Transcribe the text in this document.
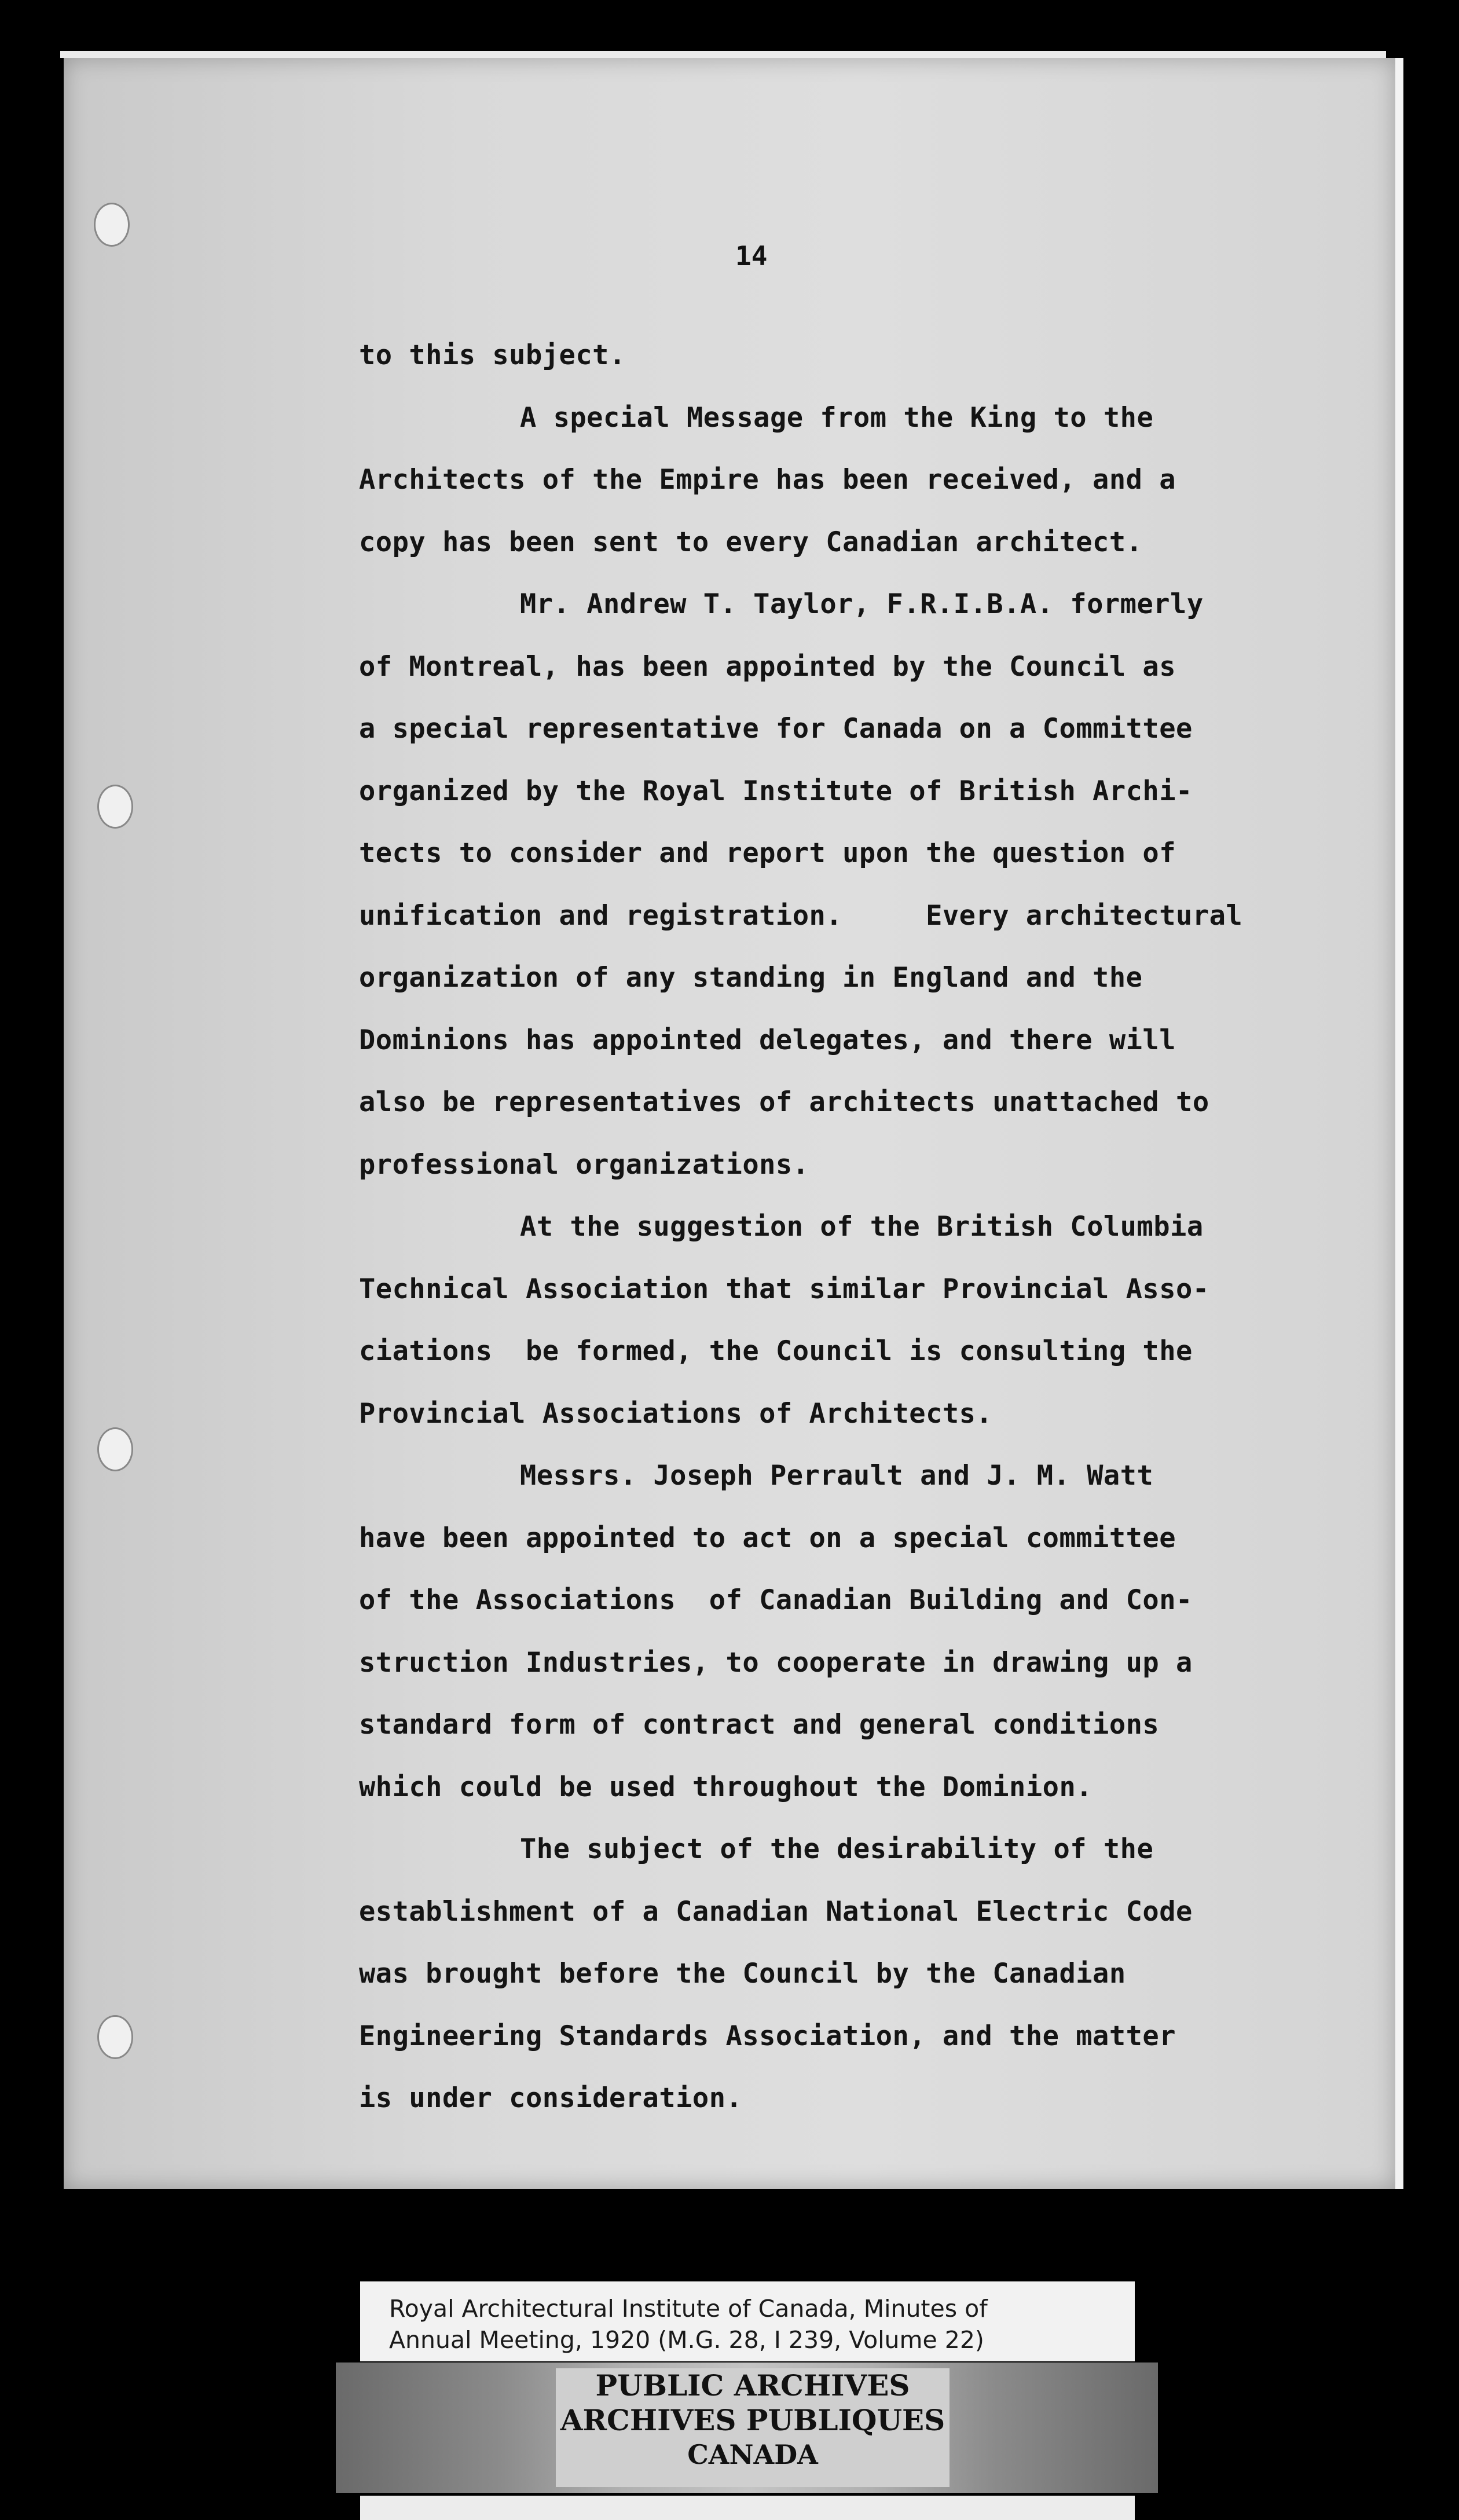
14
to this subject.
A special Message from the King to the
Architects of the Empire has been received, and a
copy has been sent to every Canadian architect.
Mr. Andrew T. Taylor, F.R.I.B.A. formerly
of Montreal, has been appointed by the Council as
a special representative for Canada on a Committee
organized by the Royal Institute of British Archi-
tects to consider and report upon the question of
unification and registration.     Every architectural
organization of any standing in England and the
Dominions has appointed delegates, and there will
also be representatives of architects unattached to
professional organizations.
At the suggestion of the British Columbia
Technical Association that similar Provincial Asso-
ciations  be formed, the Council is consulting the
Provincial Associations of Architects.
Messrs. Joseph Perrault and J. M. Watt
have been appointed to act on a special committee
of the Associations  of Canadian Building and Con-
struction Industries, to cooperate in drawing up a
standard form of contract and general conditions
which could be used throughout the Dominion.
The subject of the desirability of the
establishment of a Canadian National Electric Code
was brought before the Council by the Canadian
Engineering Standards Association, and the matter
is under consideration.
Royal Architectural Institute of Canada, Minutes of
Annual Meeting, 1920 (M.G. 28, I 239, Volume 22)
PUBLIC ARCHIVES
ARCHIVES PUBLIQUES
CANADA
